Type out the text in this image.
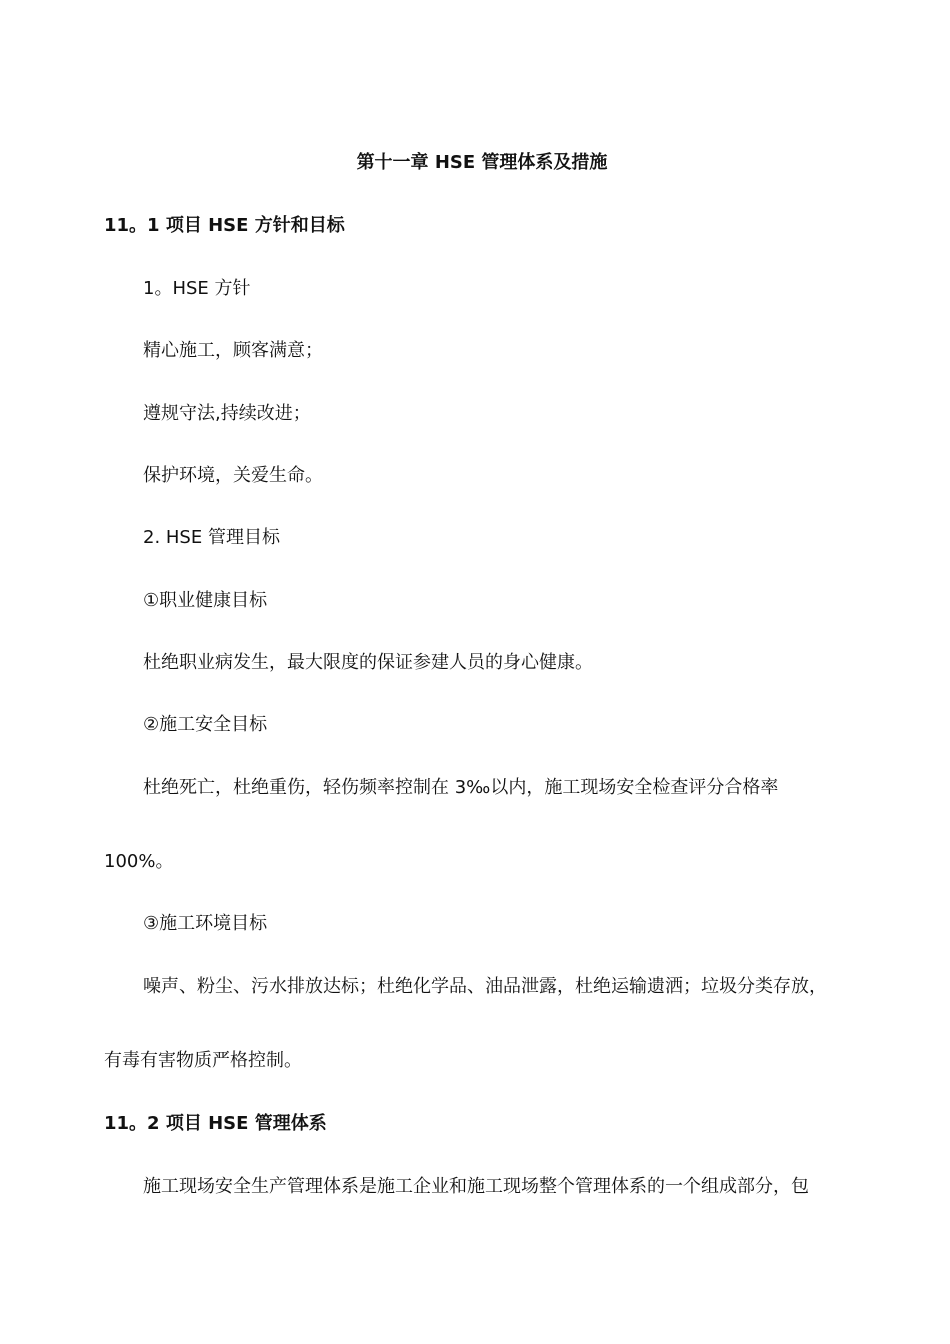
第十一章 HSE 管理体系及措施
11。1 项目 HSE 方针和目标
1。HSE 方针
精心施工，顾客满意；
遵规守法,持续改进；
保护环境，关爱生命。
2. HSE 管理目标
①职业健康目标
杜绝职业病发生，最大限度的保证参建人员的身心健康。
②施工安全目标
杜绝死亡，杜绝重伤，轻伤频率控制在 3‰以内，施工现场安全检查评分合格率
100%。
③施工环境目标
噪声、粉尘、污水排放达标；杜绝化学品、油品泄露，杜绝运输遗洒；垃圾分类存放，
有毒有害物质严格控制。
11。2 项目 HSE 管理体系
施工现场安全生产管理体系是施工企业和施工现场整个管理体系的一个组成部分，包
